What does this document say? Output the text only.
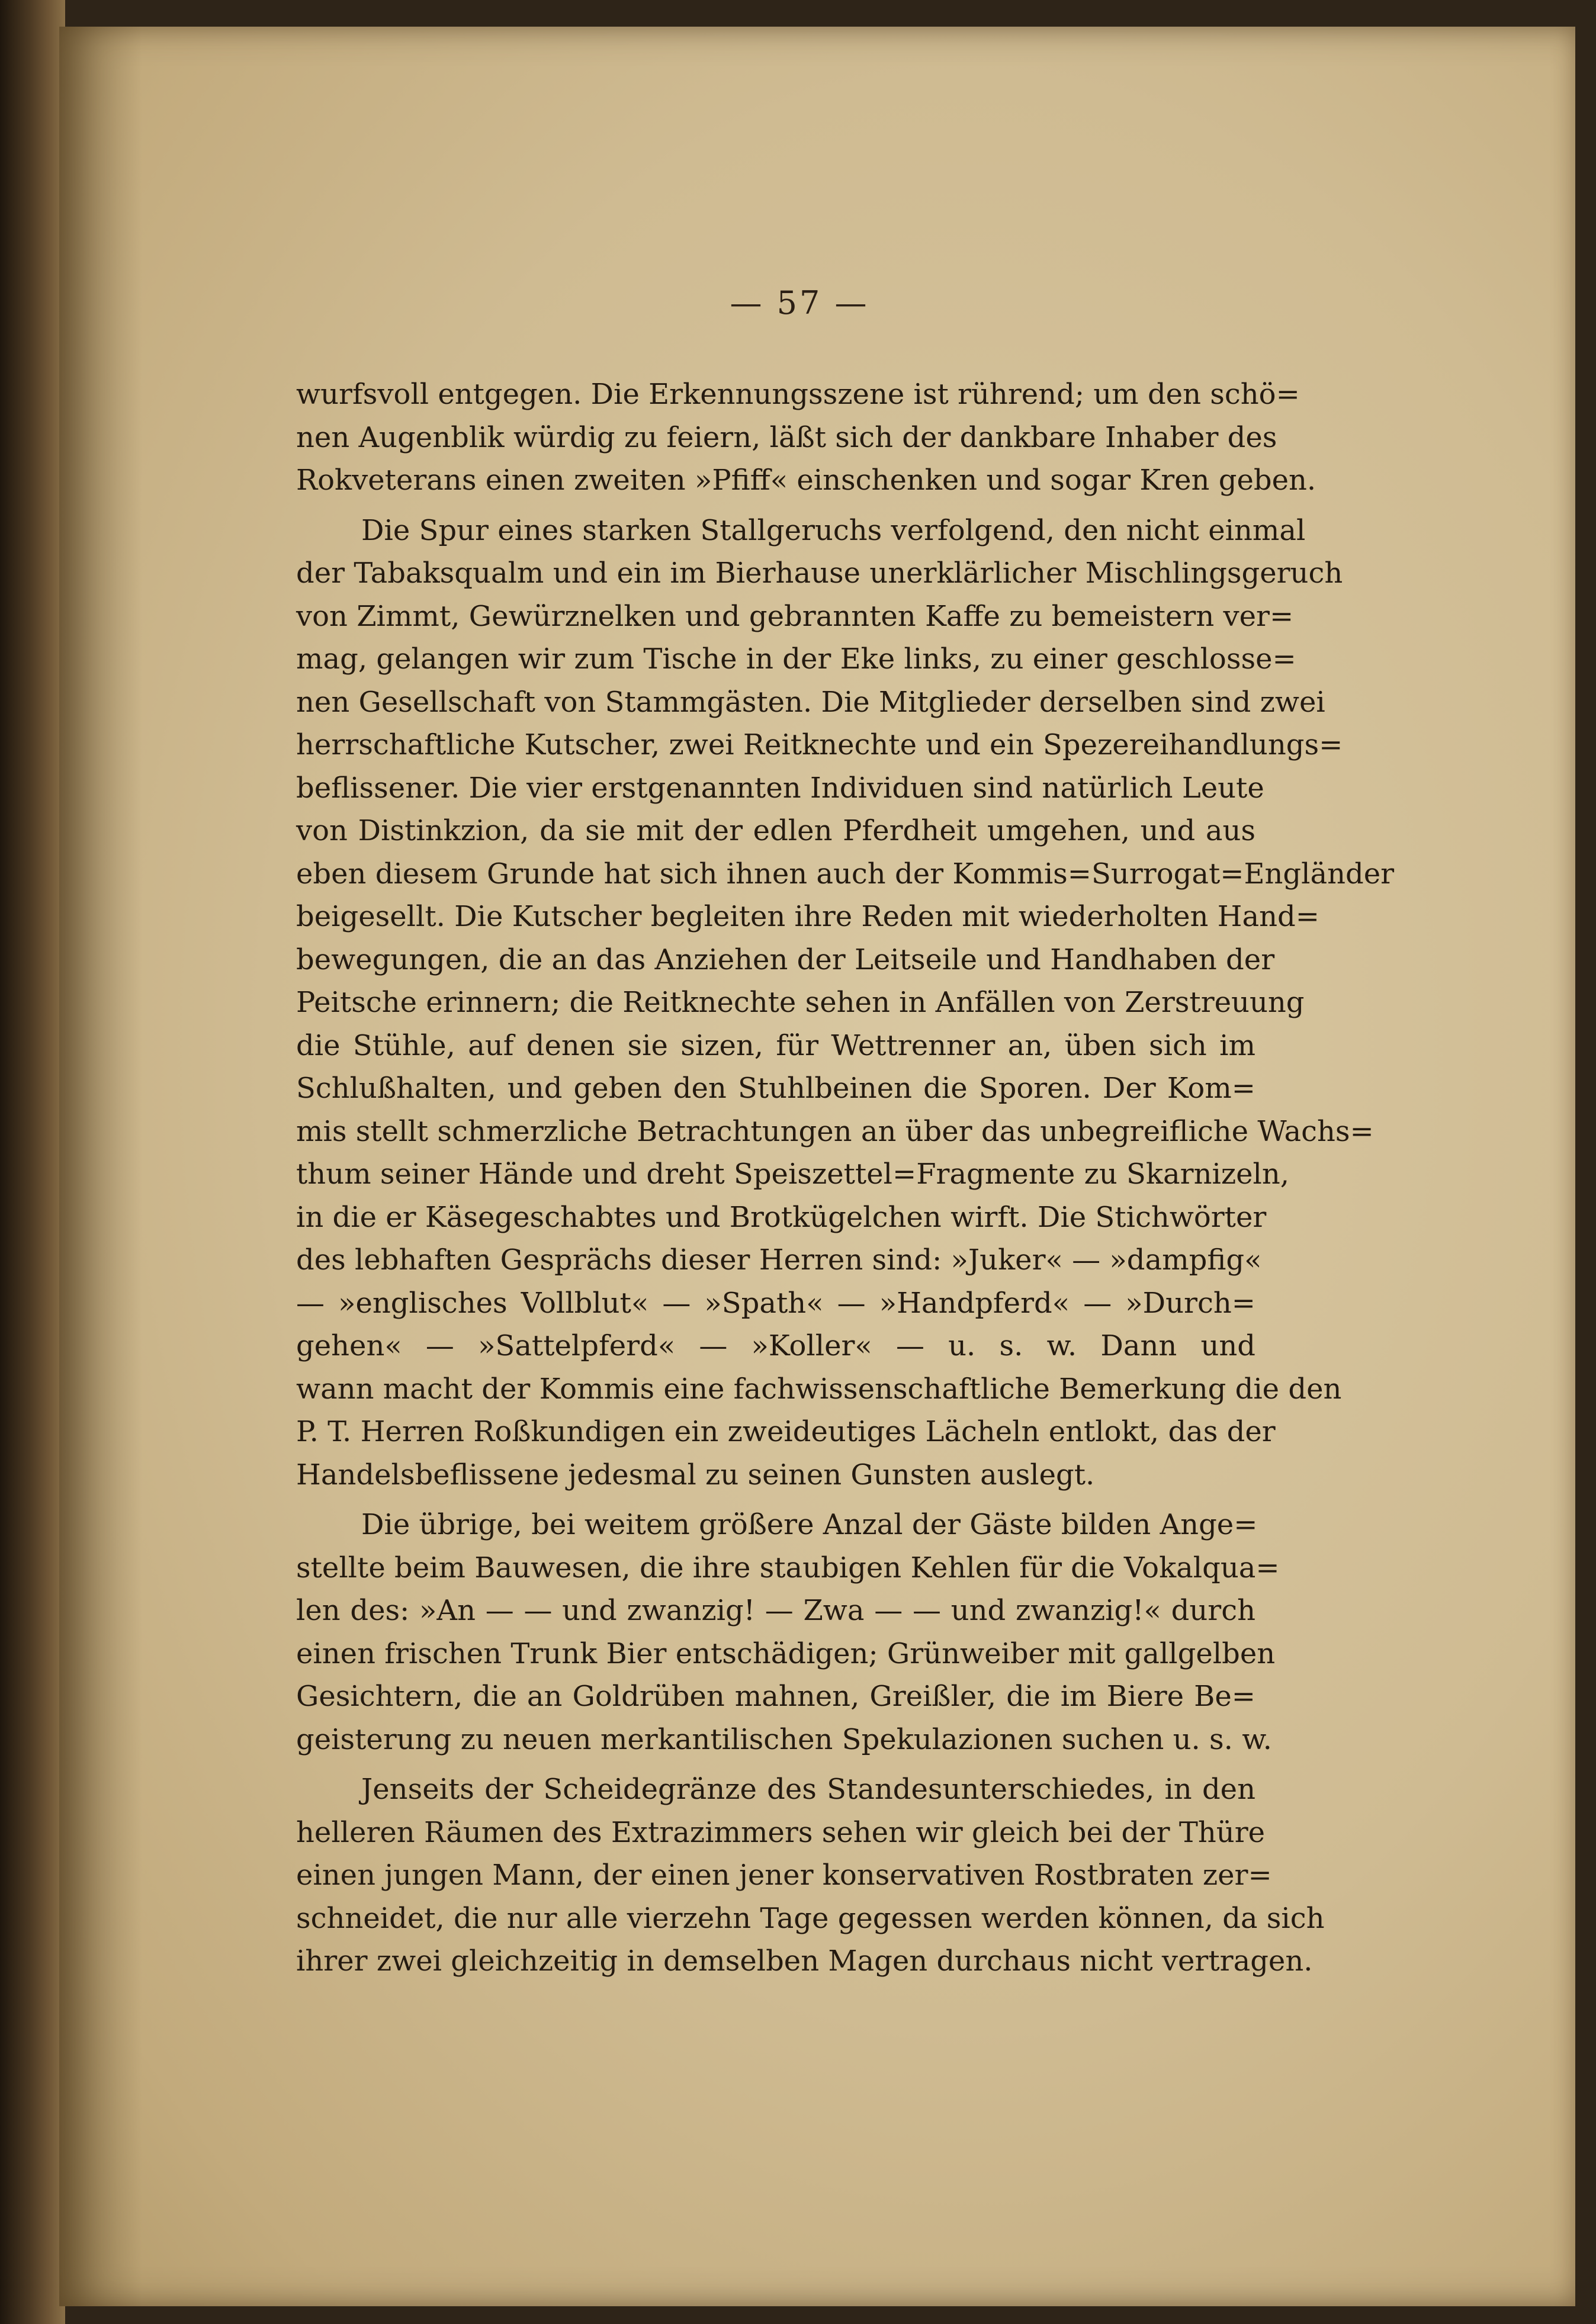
— 57 —

wurfsvoll entgegen. Die Erkennungsszene ist rührend; um den schö=
nen Augenblik würdig zu feiern, läßt sich der dankbare Inhaber des
Rokveterans einen zweiten »Pfiff« einschenken und sogar Kren geben.

Die Spur eines starken Stallgeruchs verfolgend, den nicht einmal
der Tabaksqualm und ein im Bierhause unerklärlicher Mischlingsgeruch
von Zimmt, Gewürznelken und gebrannten Kaffe zu bemeistern ver=
mag, gelangen wir zum Tische in der Eke links, zu einer geschlosse=
nen Gesellschaft von Stammgästen. Die Mitglieder derselben sind zwei
herrschaftliche Kutscher, zwei Reitknechte und ein Spezereihandlungs=
beflissener. Die vier erstgenannten Individuen sind natürlich Leute
von Distinkzion, da sie mit der edlen Pferdheit umgehen, und aus
eben diesem Grunde hat sich ihnen auch der Kommis=Surrogat=Engländer
beigesellt. Die Kutscher begleiten ihre Reden mit wiederholten Hand=
bewegungen, die an das Anziehen der Leitseile und Handhaben der
Peitsche erinnern; die Reitknechte sehen in Anfällen von Zerstreuung
die Stühle, auf denen sie sizen, für Wettrenner an, üben sich im
Schlußhalten, und geben den Stuhlbeinen die Sporen. Der Kom=
mis stellt schmerzliche Betrachtungen an über das unbegreifliche Wachs=
thum seiner Hände und dreht Speiszettel=Fragmente zu Skarnizeln,
in die er Käsegeschabtes und Brotkügelchen wirft. Die Stichwörter
des lebhaften Gesprächs dieser Herren sind: »Juker« — »dampfig«
— »englisches Vollblut« — »Spath« — »Handpferd« — »Durch=
gehen« — »Sattelpferd« — »Koller« — u. s. w. Dann und
wann macht der Kommis eine fachwissenschaftliche Bemerkung die den
P. T. Herren Roßkundigen ein zweideutiges Lächeln entlokt, das der
Handelsbeflissene jedesmal zu seinen Gunsten auslegt.

Die übrige, bei weitem größere Anzal der Gäste bilden Ange=
stellte beim Bauwesen, die ihre staubigen Kehlen für die Vokalqua=
len des: »An — — und zwanzig! — Zwa — — und zwanzig!« durch
einen frischen Trunk Bier entschädigen; Grünweiber mit gallgelben
Gesichtern, die an Goldrüben mahnen, Greißler, die im Biere Be=
geisterung zu neuen merkantilischen Spekulazionen suchen u. s. w.

Jenseits der Scheidegränze des Standesunterschiedes, in den
helleren Räumen des Extrazimmers sehen wir gleich bei der Thüre
einen jungen Mann, der einen jener konservativen Rostbraten zer=
schneidet, die nur alle vierzehn Tage gegessen werden können, da sich
ihrer zwei gleichzeitig in demselben Magen durchaus nicht vertragen.
